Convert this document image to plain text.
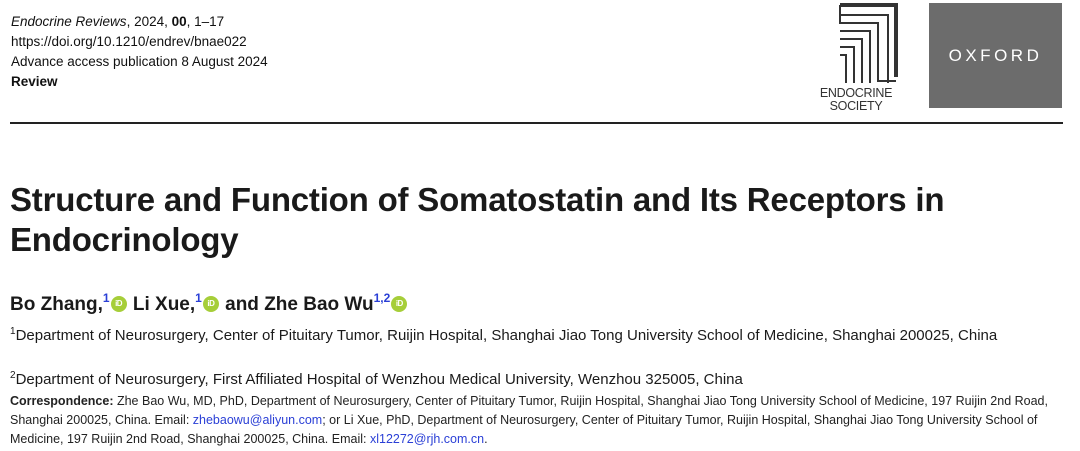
Endocrine Reviews, 2024, 00, 1–17
https://doi.org/10.1210/endrev/bnae022
Advance access publication 8 August 2024
Review
ENDOCRINE
SOCIETY
OXFORD
Structure and Function of Somatostatin and Its Receptors in Endocrinology
Bo Zhang,$^1$ iD Li Xue,$^1$ iD and Zhe Bao Wu$^{1,2}$ iD
$^1$Department of Neurosurgery, Center of Pituitary Tumor, Ruijin Hospital, Shanghai Jiao Tong University School of Medicine, Shanghai 200025, China
$^2$Department of Neurosurgery, First Affiliated Hospital of Wenzhou Medical University, Wenzhou 325005, China
Correspondence: Zhe Bao Wu, MD, PhD, Department of Neurosurgery, Center of Pituitary Tumor, Ruijin Hospital, Shanghai Jiao Tong University School of Medicine, 197 Ruijin 2nd Road, Shanghai 200025, China. Email: zhebaowu@aliyun.com; or Li Xue, PhD, Department of Neurosurgery, Center of Pituitary Tumor, Ruijin Hospital, Shanghai Jiao Tong University School of Medicine, 197 Ruijin 2nd Road, Shanghai 200025, China. Email: xl12272@rjh.com.cn.
